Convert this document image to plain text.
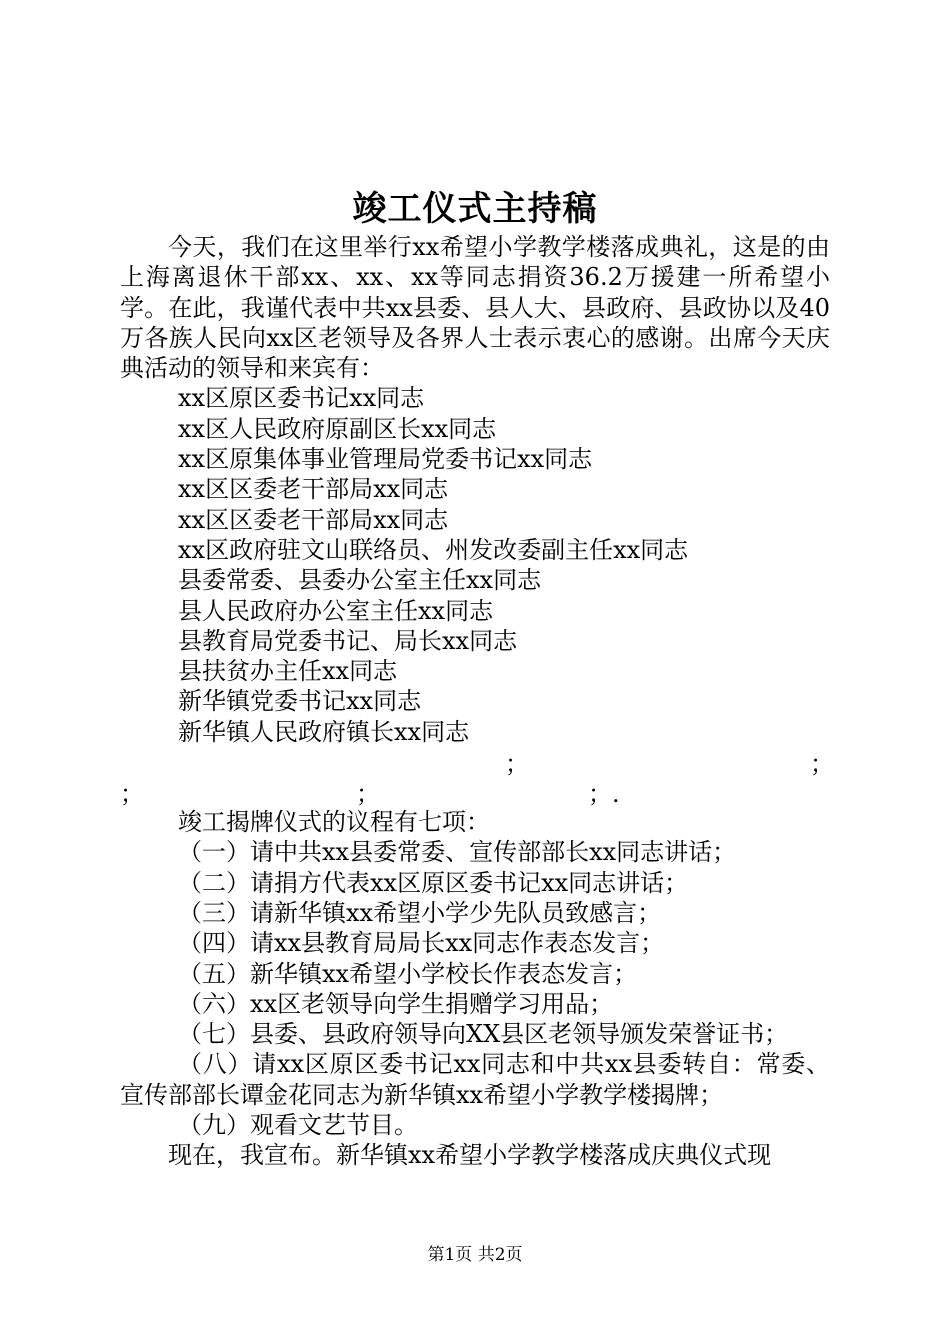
竣工仪式主持稿

今天，我们在这里举行xx希望小学教学楼落成典礼，这是的由上海离退休干部xx、xx、xx等同志捐资36.2万援建一所希望小学。在此，我谨代表中共xx县委、县人大、县政府、县政协以及40万各族人民向xx区老领导及各界人士表示衷心的感谢。出席今天庆典活动的领导和来宾有：

xx区原区委书记xx同志

xx区人民政府原副区长xx同志

xx区原集体事业管理局党委书记xx同志

xx区区委老干部局xx同志

xx区区委老干部局xx同志

xx区政府驻文山联络员、州发改委副主任xx同志

县委常委、县委办公室主任xx同志

县人民政府办公室主任xx同志

县教育局党委书记、局长xx同志

县扶贫办主任xx同志

新华镇党委书记xx同志

新华镇人民政府镇长xx同志

；	；
；	；	；.

竣工揭牌仪式的议程有七项：

（一）请中共xx县委常委、宣传部部长xx同志讲话；

（二）请捐方代表xx区原区委书记xx同志讲话；

（三）请新华镇xx希望小学少先队员致感言；

（四）请xx县教育局局长xx同志作表态发言；

（五）新华镇xx希望小学校长作表态发言；

（六）xx区老领导向学生捐赠学习用品；

（七）县委、县政府领导向XX县区老领导颁发荣誉证书；

（八）请xx区原区委书记xx同志和中共xx县委转自：常委、宣传部部长谭金花同志为新华镇xx希望小学教学楼揭牌；

（九）观看文艺节目。

现在，我宣布。新华镇xx希望小学教学楼落成庆典仪式现

第1页 共2页
